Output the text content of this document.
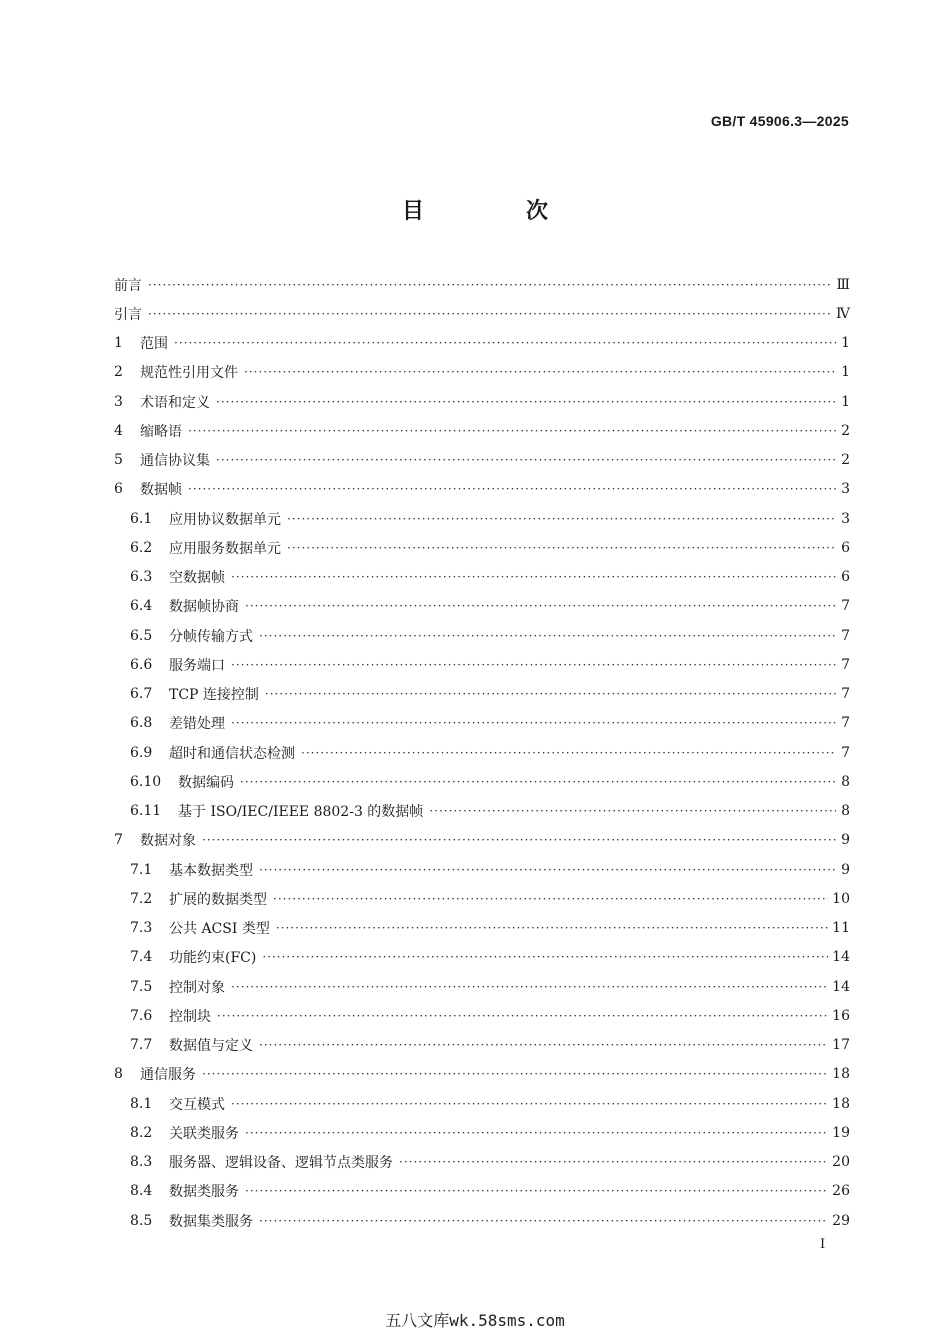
GB/T 45906.3—2025
目　次
前言 ·····	Ⅲ
引言 ·····	Ⅳ
1	范围 ·····	1
2	规范性引用文件 ·····	1
3	术语和定义 ·····	1
4	缩略语 ·····	2
5	通信协议集 ·····	2
6	数据帧 ·····	3
6.1	应用协议数据单元 ·····	3
6.2	应用服务数据单元 ·····	6
6.3	空数据帧 ·····	6
6.4	数据帧协商 ·····	7
6.5	分帧传输方式 ·····	7
6.6	服务端口 ·····	7
6.7	TCP 连接控制 ·····	7
6.8	差错处理 ·····	7
6.9	超时和通信状态检测 ·····	7
6.10	数据编码 ·····	8
6.11	基于 ISO/IEC/IEEE 8802-3 的数据帧 ·····	8
7	数据对象 ·····	9
7.1	基本数据类型 ·····	9
7.2	扩展的数据类型 ·····	10
7.3	公共 ACSI 类型 ·····	11
7.4	功能约束(FC) ·····	14
7.5	控制对象 ·····	14
7.6	控制块 ·····	16
7.7	数据值与定义 ·····	17
8	通信服务 ·····	18
8.1	交互模式 ·····	18
8.2	关联类服务 ·····	19
8.3	服务器、逻辑设备、逻辑节点类服务 ·····	20
8.4	数据类服务 ·····	26
8.5	数据集类服务 ·····	29
I
五八文库wk.58sms.com
